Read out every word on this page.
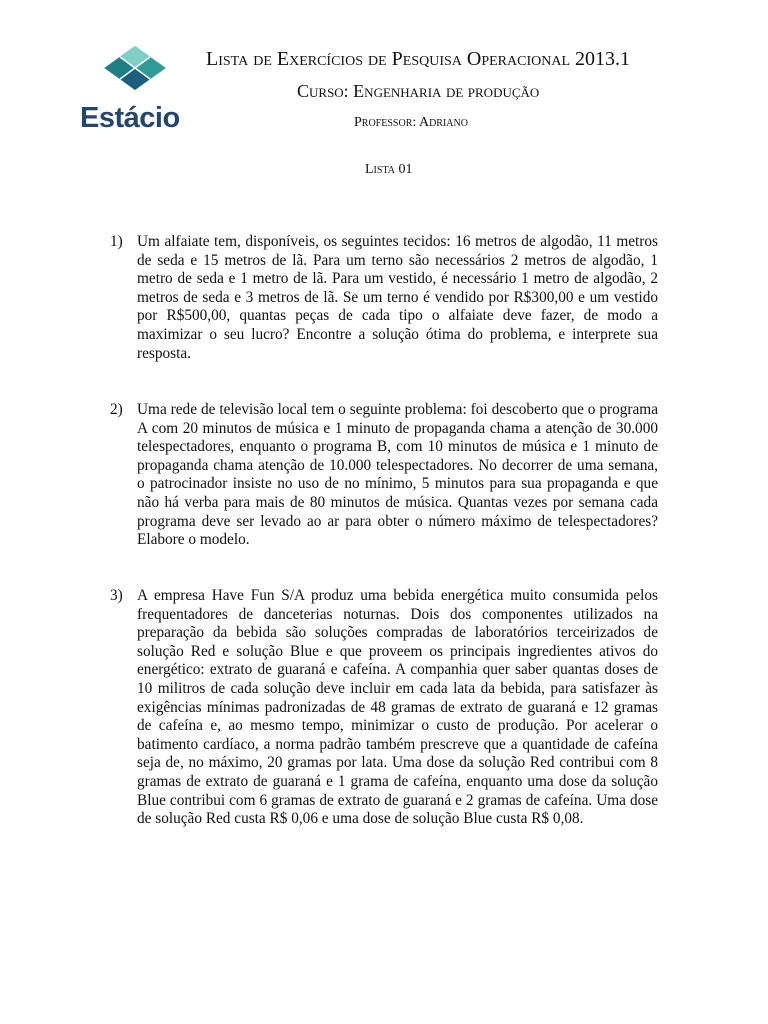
Estácio
Lista de Exercícios de Pesquisa Operacional 2013.1
Curso: Engenharia de produção
Professor: Adriano
Lista 01
1) Um alfaiate tem, disponíveis, os seguintes tecidos: 16 metros de algodão, 11 metros de seda e 15 metros de lã. Para um terno são necessários 2 metros de algodão, 1 metro de seda e 1 metro de lã. Para um vestido, é necessário 1 metro de algodão, 2 metros de seda e 3 metros de lã. Se um terno é vendido por R$300,00 e um vestido por R$500,00, quantas peças de cada tipo o alfaiate deve fazer, de modo a maximizar o seu lucro? Encontre a solução ótima do problema, e interprete sua resposta.
2) Uma rede de televisão local tem o seguinte problema: foi descoberto que o programa A com 20 minutos de música e 1 minuto de propaganda chama a atenção de 30.000 telespectadores, enquanto o programa B, com 10 minutos de música e 1 minuto de propaganda chama atenção de 10.000 telespectadores. No decorrer de uma semana, o patrocinador insiste no uso de no mínimo, 5 minutos para sua propaganda e que não há verba para mais de 80 minutos de música. Quantas vezes por semana cada programa deve ser levado ao ar para obter o número máximo de telespectadores? Elabore o modelo.
3) A empresa Have Fun S/A produz uma bebida energética muito consumida pelos frequentadores de danceterias noturnas. Dois dos componentes utilizados na preparação da bebida são soluções compradas de laboratórios terceirizados de solução Red e solução Blue e que proveem os principais ingredientes ativos do energético: extrato de guaraná e cafeína. A companhia quer saber quantas doses de 10 militros de cada solução deve incluir em cada lata da bebida, para satisfazer às exigências mínimas padronizadas de 48 gramas de extrato de guaraná e 12 gramas de cafeína e, ao mesmo tempo, minimizar o custo de produção. Por acelerar o batimento cardíaco, a norma padrão também prescreve que a quantidade de cafeína seja de, no máximo, 20 gramas por lata. Uma dose da solução Red contribui com 8 gramas de extrato de guaraná e 1 grama de cafeína, enquanto uma dose da solução Blue contribui com 6 gramas de extrato de guaraná e 2 gramas de cafeína. Uma dose de solução Red custa R$ 0,06 e uma dose de solução Blue custa R$ 0,08.
